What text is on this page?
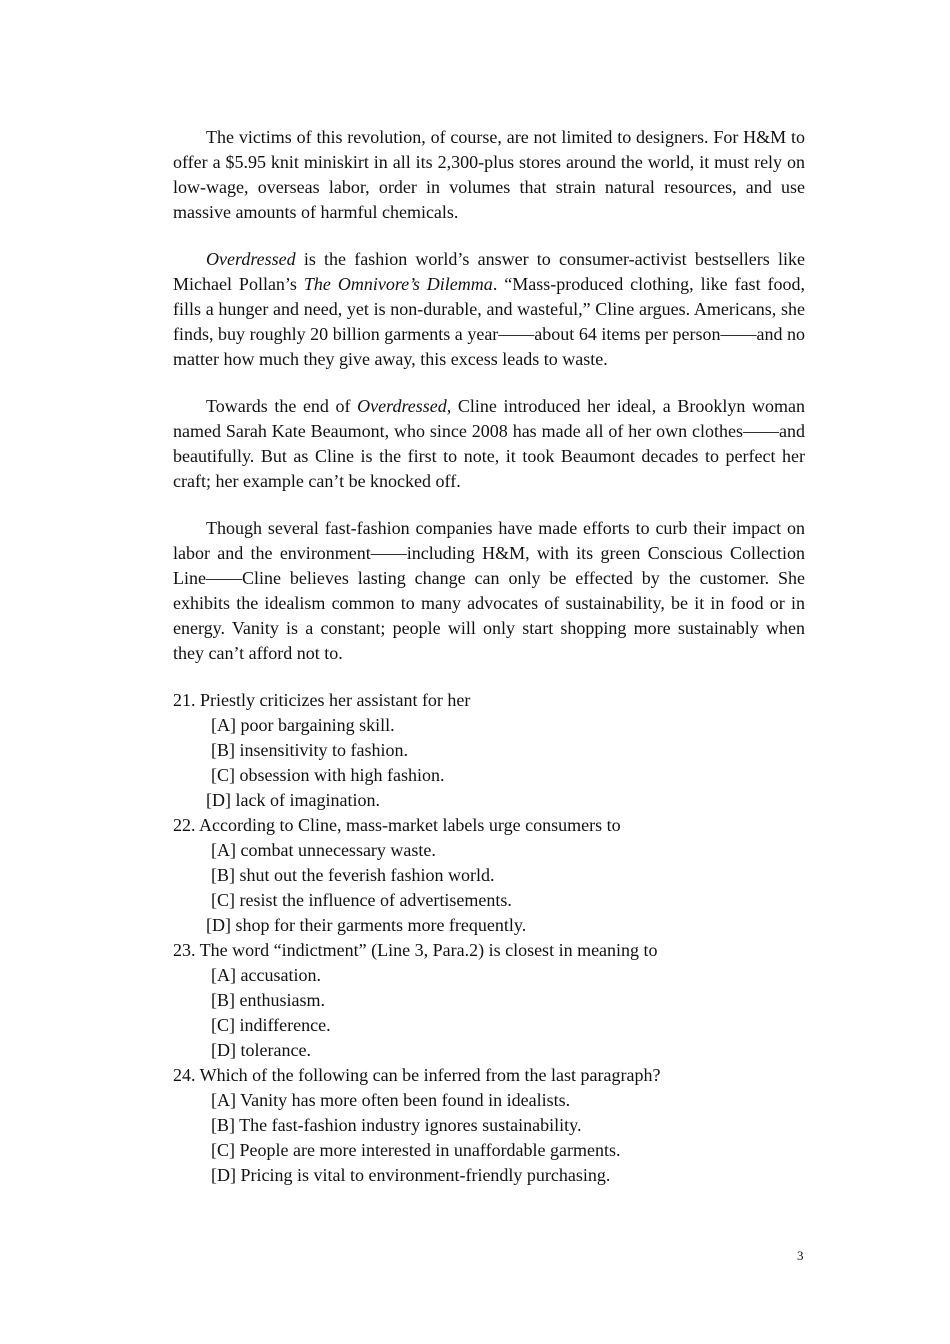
The victims of this revolution, of course, are not limited to designers. For H&M to offer a $5.95 knit miniskirt in all its 2,300-plus stores around the world, it must rely on low-wage, overseas labor, order in volumes that strain natural resources, and use massive amounts of harmful chemicals.

Overdressed is the fashion world’s answer to consumer-activist bestsellers like Michael Pollan’s The Omnivore’s Dilemma. “Mass-produced clothing, like fast food, fills a hunger and need, yet is non-durable, and wasteful,” Cline argues. Americans, she finds, buy roughly 20 billion garments a year——about 64 items per person——and no matter how much they give away, this excess leads to waste.

Towards the end of Overdressed, Cline introduced her ideal, a Brooklyn woman named Sarah Kate Beaumont, who since 2008 has made all of her own clothes——and beautifully. But as Cline is the first to note, it took Beaumont decades to perfect her craft; her example can’t be knocked off.

Though several fast-fashion companies have made efforts to curb their impact on labor and the environment——including H&M, with its green Conscious Collection Line——Cline believes lasting change can only be effected by the customer. She exhibits the idealism common to many advocates of sustainability, be it in food or in energy. Vanity is a constant; people will only start shopping more sustainably when they can’t afford not to.

21. Priestly criticizes her assistant for her

[A] poor bargaining skill.

[B] insensitivity to fashion.

[C] obsession with high fashion.

[D] lack of imagination.

22. According to Cline, mass-market labels urge consumers to

[A] combat unnecessary waste.

[B] shut out the feverish fashion world.

[C] resist the influence of advertisements.

[D] shop for their garments more frequently.

23. The word “indictment” (Line 3, Para.2) is closest in meaning to

[A] accusation.

[B] enthusiasm.

[C] indifference.

[D] tolerance.

24. Which of the following can be inferred from the last paragraph?

[A] Vanity has more often been found in idealists.

[B] The fast-fashion industry ignores sustainability.

[C] People are more interested in unaffordable garments.

[D] Pricing is vital to environment-friendly purchasing.

3
